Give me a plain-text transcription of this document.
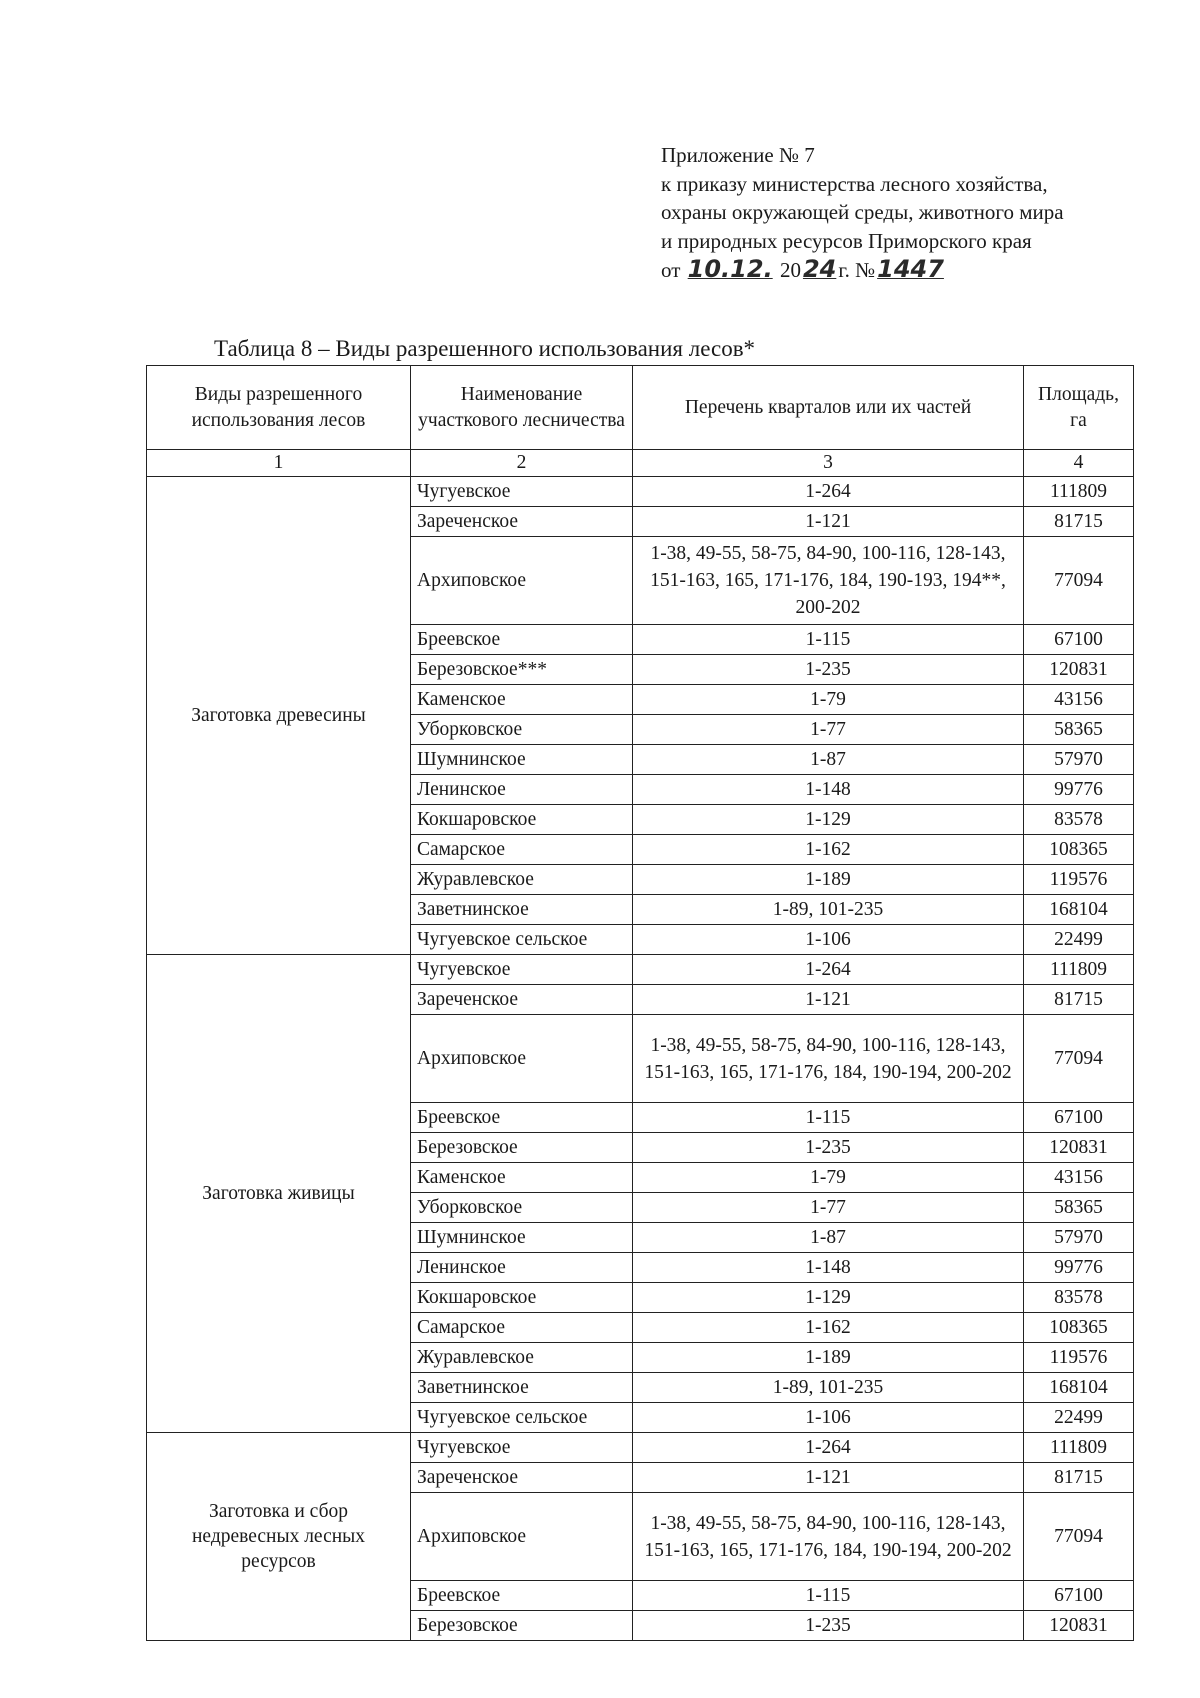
Приложение № 7
к приказу министерства лесного хозяйства,
охраны окружающей среды, животного мира
и природных ресурсов Приморского края
от 10.12. 2024г. №1447
Таблица 8 – Виды разрешенного использования лесов*
Виды разрешенного использования лесов	Наименование участкового лесничества	Перечень кварталов или их частей	Площадь, га
1	2	3	4
Заготовка древесины	Чугуевское	1-264	111809
	Зареченское	1-121	81715
	Архиповское	1-38, 49-55, 58-75, 84-90, 100-116, 128-143, 151-163, 165, 171-176, 184, 190-193, 194**, 200-202	77094
	Бреевское	1-115	67100
	Березовское***	1-235	120831
	Каменское	1-79	43156
	Уборковское	1-77	58365
	Шумнинское	1-87	57970
	Ленинское	1-148	99776
	Кокшаровское	1-129	83578
	Самарское	1-162	108365
	Журавлевское	1-189	119576
	Заветнинское	1-89, 101-235	168104
	Чугуевское сельское	1-106	22499
Заготовка живицы	Чугуевское	1-264	111809
	Зареченское	1-121	81715
	Архиповское	1-38, 49-55, 58-75, 84-90, 100-116, 128-143, 151-163, 165, 171-176, 184, 190-194, 200-202	77094
	Бреевское	1-115	67100
	Березовское	1-235	120831
	Каменское	1-79	43156
	Уборковское	1-77	58365
	Шумнинское	1-87	57970
	Ленинское	1-148	99776
	Кокшаровское	1-129	83578
	Самарское	1-162	108365
	Журавлевское	1-189	119576
	Заветнинское	1-89, 101-235	168104
	Чугуевское сельское	1-106	22499
Заготовка и сбор недревесных лесных ресурсов	Чугуевское	1-264	111809
	Зареченское	1-121	81715
	Архиповское	1-38, 49-55, 58-75, 84-90, 100-116, 128-143, 151-163, 165, 171-176, 184, 190-194, 200-202	77094
	Бреевское	1-115	67100
	Березовское	1-235	120831
